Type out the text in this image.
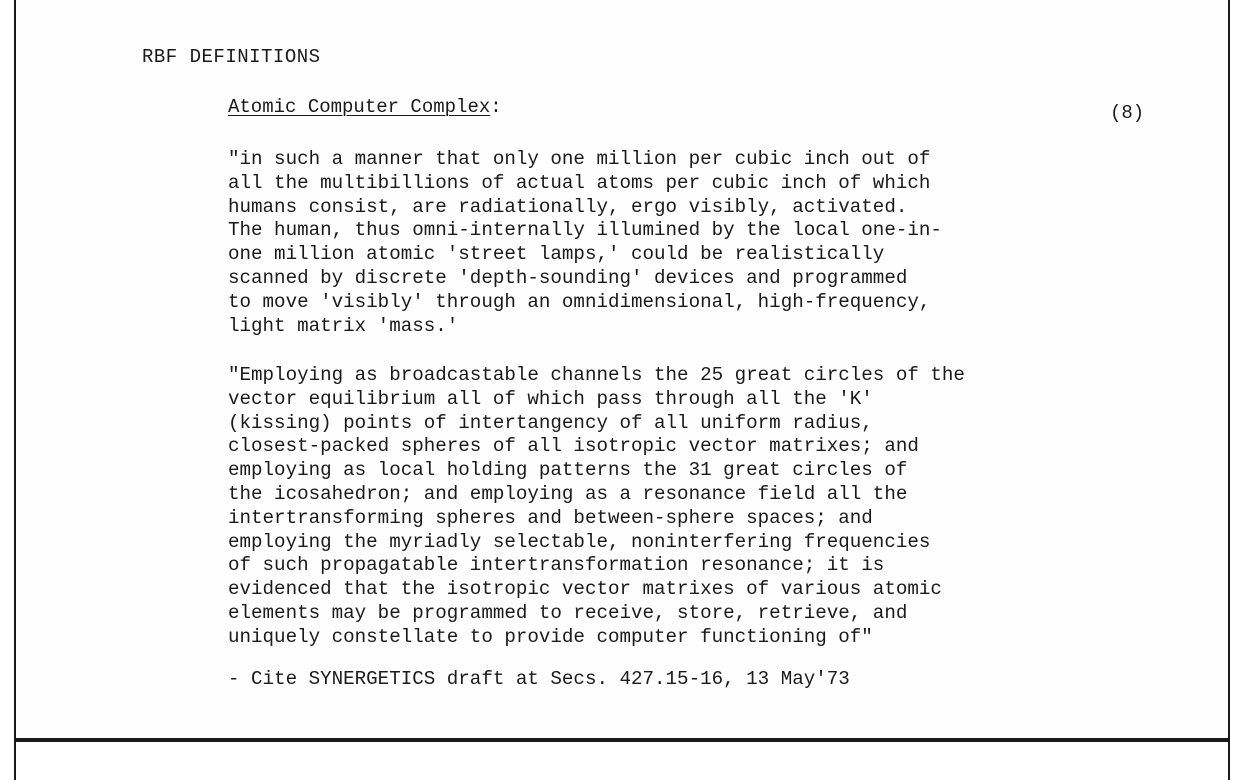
RBF DEFINITIONS
Atomic Computer Complex:	(8)

"in such a manner that only one million per cubic inch out of
all the multibillions of actual atoms per cubic inch of which
humans consist, are radiationally, ergo visibly, activated.
The human, thus omni-internally illumined by the local one-in-
one million atomic 'street lamps,' could be realistically
scanned by discrete 'depth-sounding' devices and programmed
to move 'visibly' through an omnidimensional, high-frequency,
light matrix 'mass.'

"Employing as broadcastable channels the 25 great circles of the
vector equilibrium all of which pass through all the 'K'
(kissing) points of intertangency of all uniform radius,
closest-packed spheres of all isotropic vector matrixes; and
employing as local holding patterns the 31 great circles of
the icosahedron; and employing as a resonance field all the
intertransforming spheres and between-sphere spaces; and
employing the myriadly selectable, noninterfering frequencies
of such propagatable intertransformation resonance; it is
evidenced that the isotropic vector matrixes of various atomic
elements may be programmed to receive, store, retrieve, and
uniquely constellate to provide computer functioning of"

- Cite SYNERGETICS draft at Secs. 427.15-16, 13 May'73
